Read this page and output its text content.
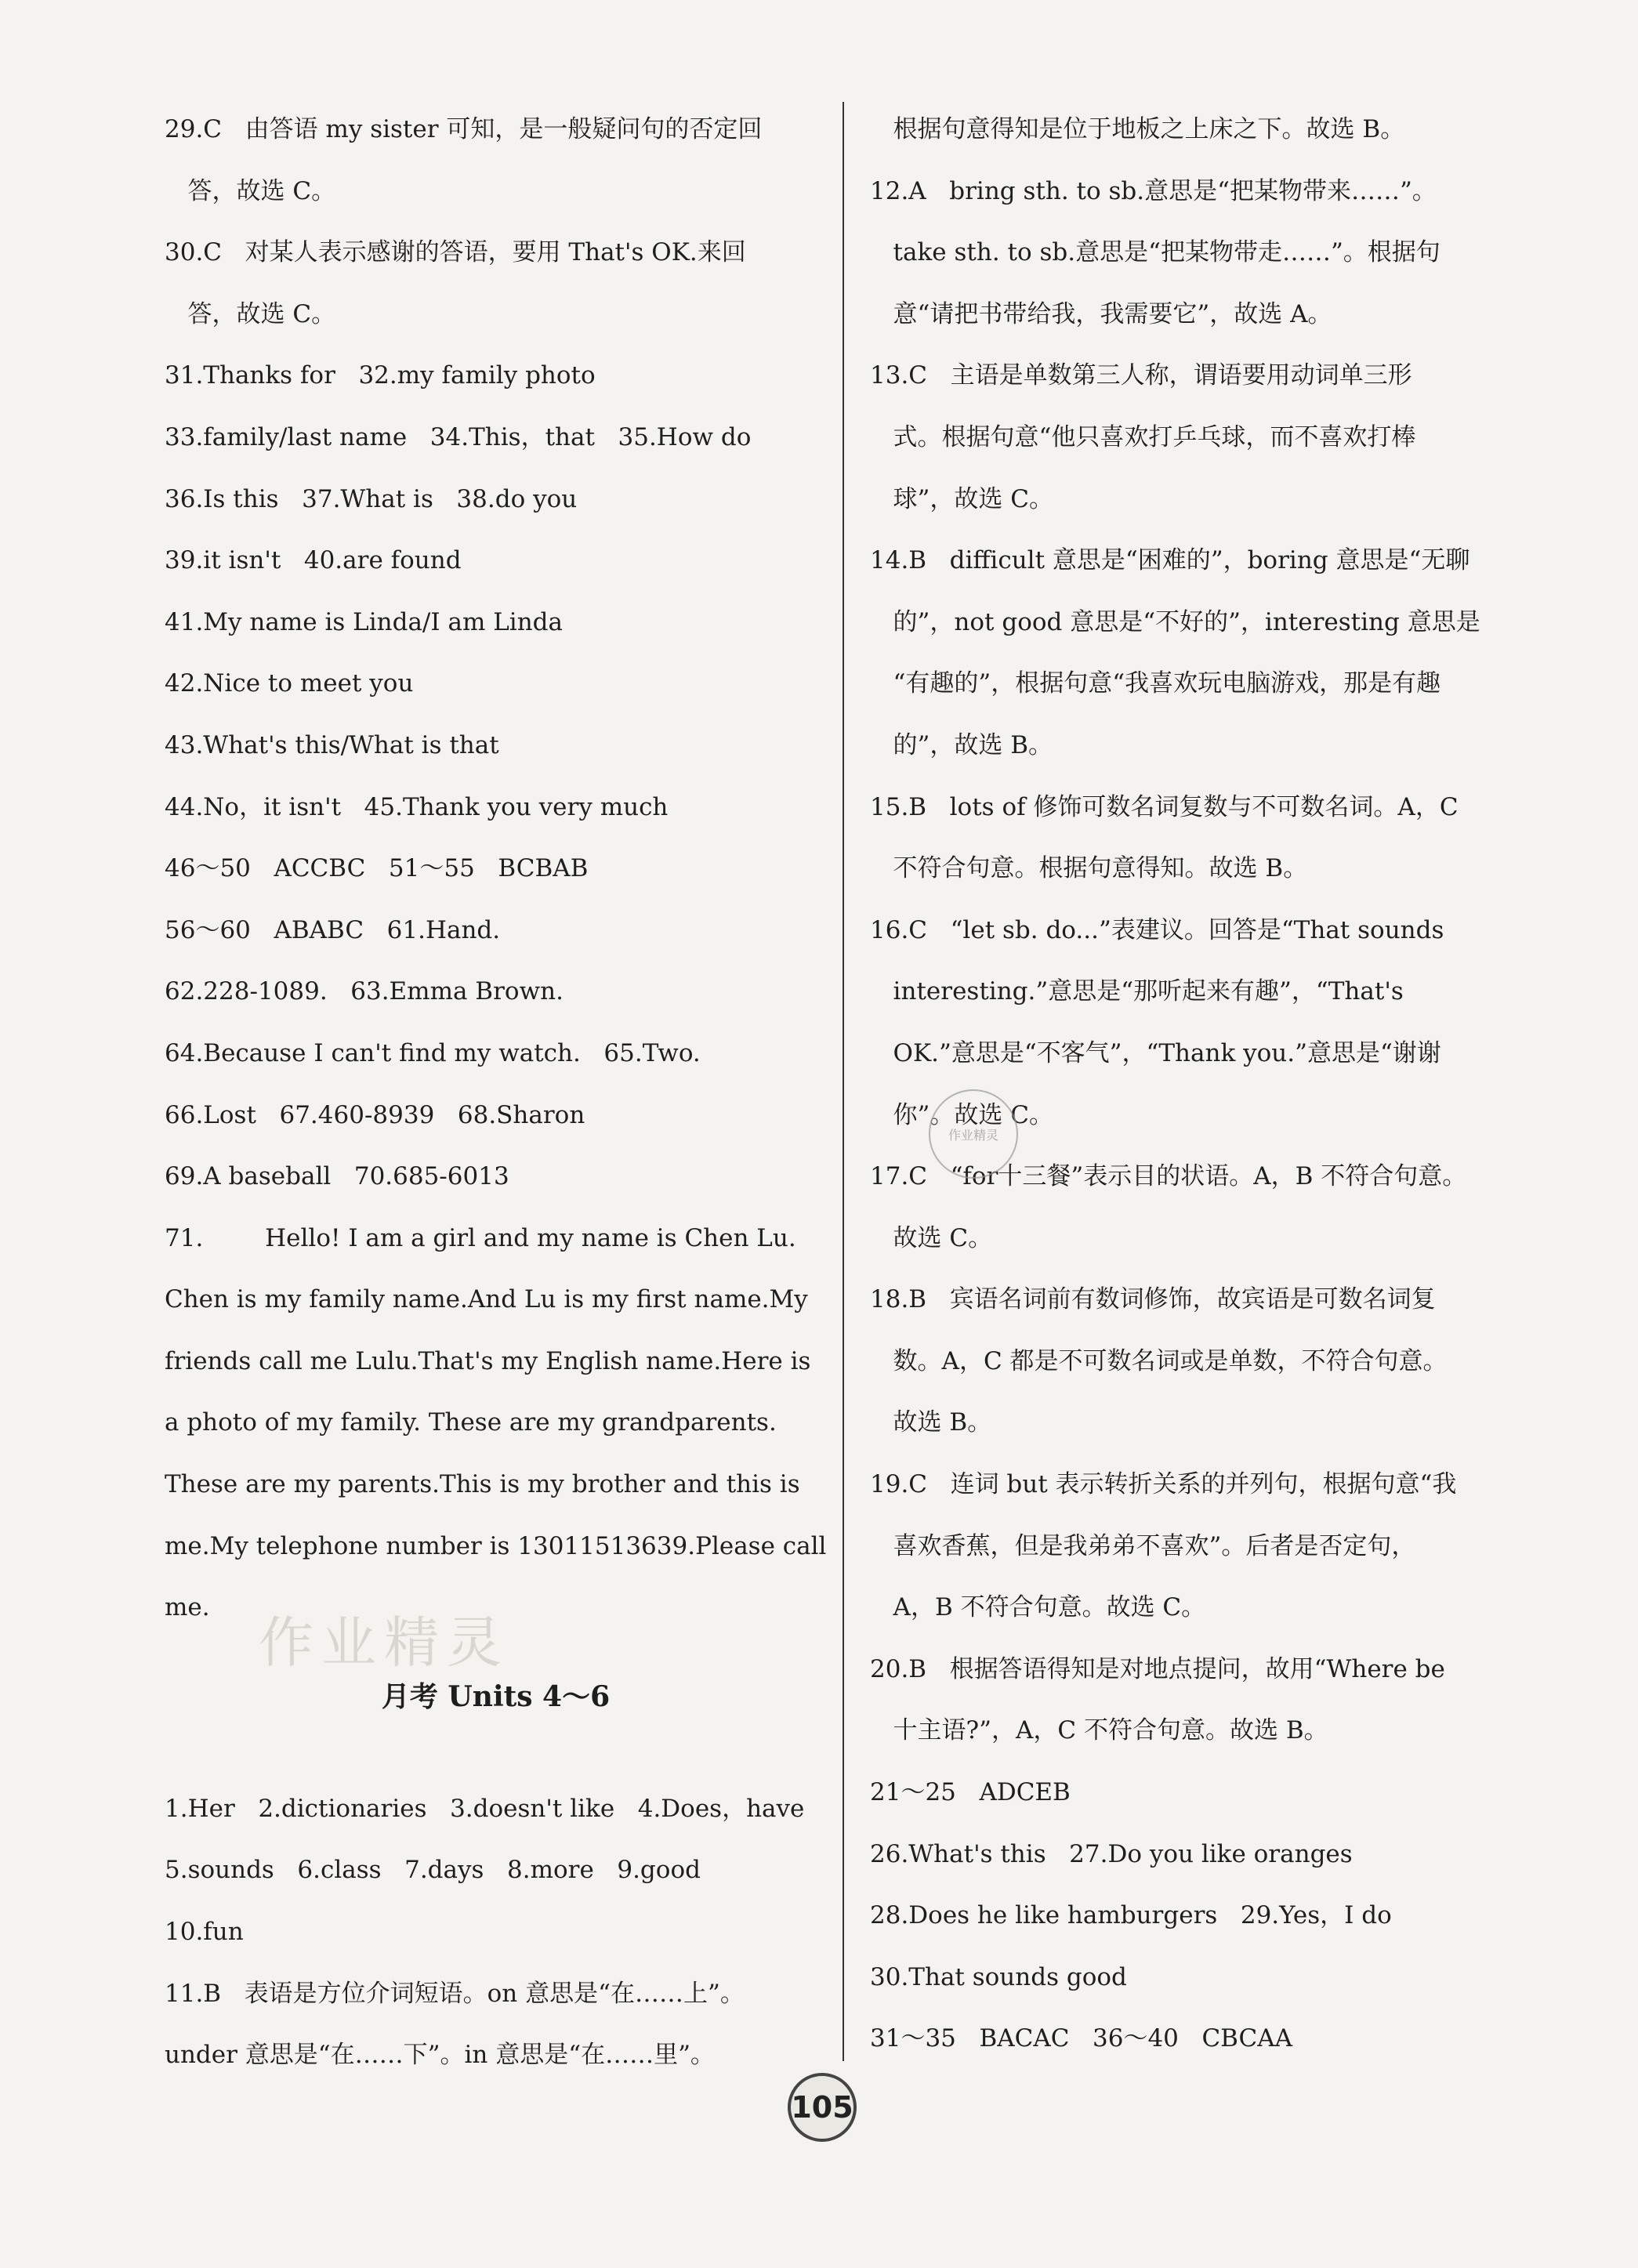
29.C   由答语 my sister 可知，是一般疑问句的否定回
答，故选 C。
30.C   对某人表示感谢的答语，要用 That's OK.来回
答，故选 C。
31.Thanks for   32.my family photo
33.family/last name   34.This，that   35.How do
36.Is this   37.What is   38.do you
39.it isn't   40.are found
41.My name is Linda/I am Linda
42.Nice to meet you
43.What's this/What is that
44.No，it isn't   45.Thank you very much
46～50   ACCBC   51～55   BCBAB
56～60   ABABC   61.Hand.
62.228-1089.   63.Emma Brown.
64.Because I can't find my watch.   65.Two.
66.Lost   67.460-8939   68.Sharon
69.A baseball   70.685-6013
71.        Hello! I am a girl and my name is Chen Lu.
Chen is my family name.And Lu is my first name.My
friends call me Lulu.That's my English name.Here is
a photo of my family. These are my grandparents.
These are my parents.This is my brother and this is
me.My telephone number is 13011513639.Please call
me.
月考 Units 4～6
1.Her   2.dictionaries   3.doesn't like   4.Does，have
5.sounds   6.class   7.days   8.more   9.good
10.fun
11.B   表语是方位介词短语。on 意思是“在……上”。
under 意思是“在……下”。in 意思是“在……里”。
根据句意得知是位于地板之上床之下。故选 B。
12.A   bring sth. to sb.意思是“把某物带来……”。
take sth. to sb.意思是“把某物带走……”。根据句
意“请把书带给我，我需要它”，故选 A。
13.C   主语是单数第三人称，谓语要用动词单三形
式。根据句意“他只喜欢打乒乓球，而不喜欢打棒
球”，故选 C。
14.B   difficult 意思是“困难的”，boring 意思是“无聊
的”，not good 意思是“不好的”，interesting 意思是
“有趣的”，根据句意“我喜欢玩电脑游戏，那是有趣
的”，故选 B。
15.B   lots of 修饰可数名词复数与不可数名词。A，C
不符合句意。根据句意得知。故选 B。
16.C   “let sb. do...”表建议。回答是“That sounds
interesting.”意思是“那听起来有趣”，“That's
OK.”意思是“不客气”，“Thank you.”意思是“谢谢
你”。故选 C。
17.C   “for十三餐”表示目的状语。A，B 不符合句意。
故选 C。
18.B   宾语名词前有数词修饰，故宾语是可数名词复
数。A，C 都是不可数名词或是单数，不符合句意。
故选 B。
19.C   连词 but 表示转折关系的并列句，根据句意“我
喜欢香蕉，但是我弟弟不喜欢”。后者是否定句，
A，B 不符合句意。故选 C。
20.B   根据答语得知是对地点提问，故用“Where be
十主语?”，A，C 不符合句意。故选 B。
21～25   ADCEB
26.What's this   27.Do you like oranges
28.Does he like hamburgers   29.Yes，I do
30.That sounds good
31～35   BACAC   36～40   CBCAA
作业精灵
作业精灵
105
